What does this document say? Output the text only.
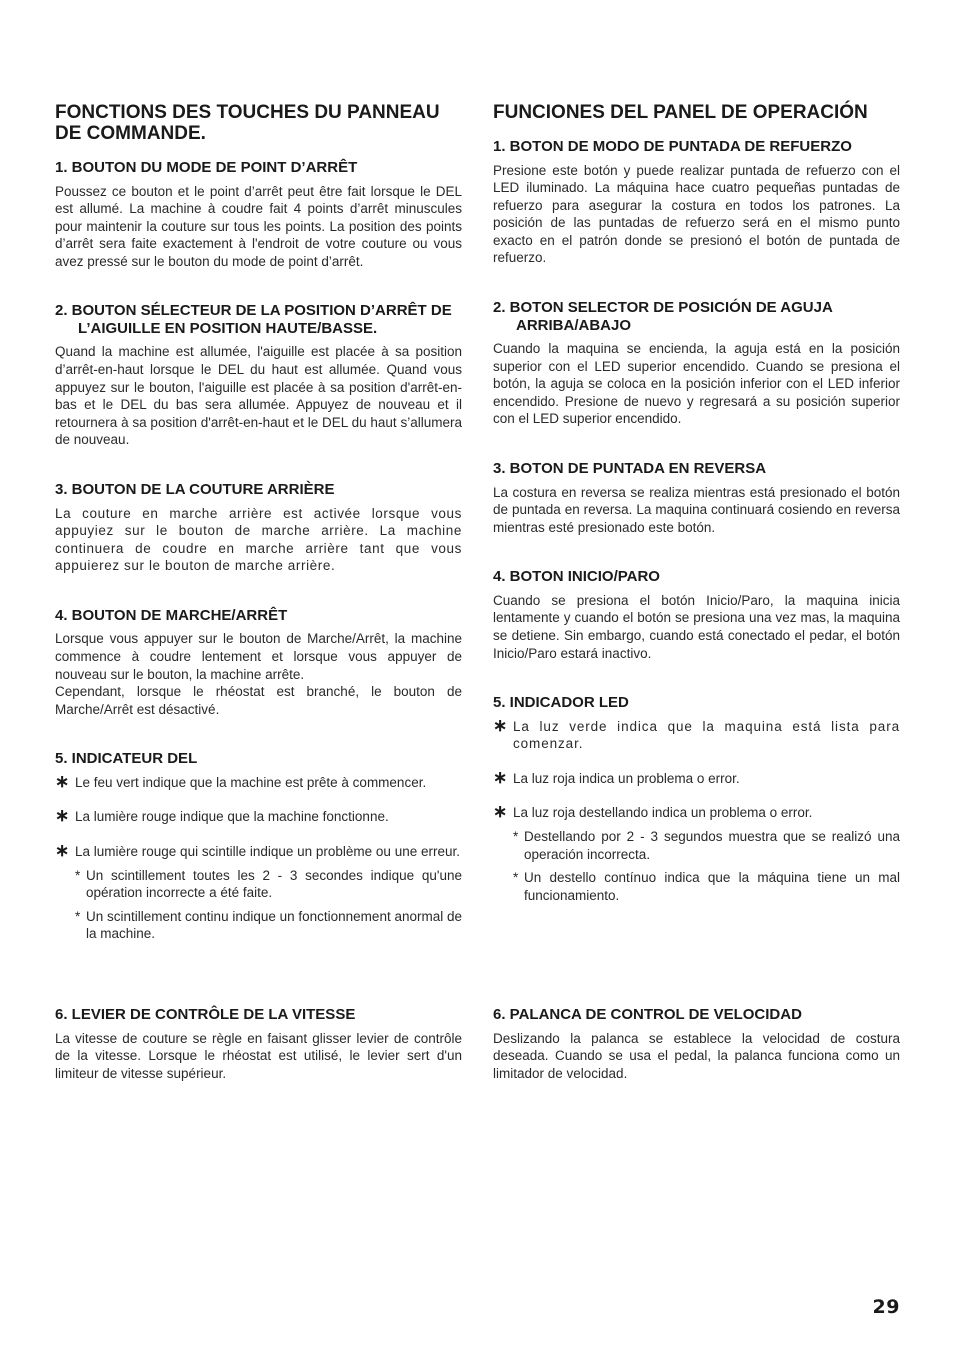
FONCTIONS DES TOUCHES DU PANNEAU DE COMMANDE.
1. BOUTON DU MODE DE POINT D’ARRÊT

Poussez ce bouton et le point d’arrêt peut être fait lorsque le DEL est allumé. La machine à coudre fait 4 points d’arrêt minuscules pour maintenir la couture sur tous les points. La position des points d’arrêt sera faite exactement à l'endroit de votre couture ou vous avez pressé sur le bouton du mode de point d’arrêt.

2. BOUTON SÉLECTEUR DE LA POSITION D’ARRÊT DE L’AIGUILLE EN POSITION HAUTE/BASSE.

Quand la machine est allumée, l'aiguille est placée à sa position d’arrêt-en-haut lorsque le DEL du haut est allumée. Quand vous appuyez sur le bouton, l'aiguille est placée à sa position d'arrêt-en-bas et le DEL du bas sera allumée. Appuyez de nouveau et il retournera à sa position d'arrêt-en-haut et le DEL du haut s’allumera de nouveau.

3. BOUTON DE LA COUTURE ARRIÈRE

La couture en marche arrière est activée lorsque vous appuyiez sur le bouton de marche arrière. La machine continuera de coudre en marche arrière tant que vous appuierez sur le bouton de marche arrière.

4. BOUTON DE MARCHE/ARRÊT

Lorsque vous appuyer sur le bouton de Marche/Arrêt, la machine commence à coudre lentement et lorsque vous appuyer de nouveau sur le bouton, la machine arrête.

Cependant, lorsque le rhéostat est branché, le bouton de Marche/Arrêt est désactivé.

5. INDICATEUR DEL
∗ Le feu vert indique que la machine est prête à commencer.
∗ La lumière rouge indique que la machine fonctionne.
∗ La lumière rouge qui scintille indique un problème ou une erreur.
* Un scintillement toutes les 2 - 3 secondes indique qu'une opération incorrecte a été faite.
* Un scintillement continu indique un fonctionnement anormal de la machine.
6. LEVIER DE CONTRÔLE DE LA VITESSE

La vitesse de couture se règle en faisant glisser levier de contrôle de la vitesse. Lorsque le rhéostat est utilisé, le levier sert d'un limiteur de vitesse supérieur.

FUNCIONES DEL PANEL DE OPERACIÓN
1. BOTON DE MODO DE PUNTADA DE REFUERZO

Presione este botón y puede realizar puntada de refuerzo con el LED iluminado. La máquina hace cuatro pequeñas puntadas de refuerzo para asegurar la costura en todos los patrones. La posición de las puntadas de refuerzo será en el mismo punto exacto en el patrón donde se presionó el botón de puntada de refuerzo.

2. BOTON SELECTOR DE POSICIÓN DE AGUJA ARRIBA/ABAJO

Cuando la maquina se encienda, la aguja está en la posición superior con el LED superior encendido. Cuando se presiona el botón, la aguja se coloca en la posición inferior con el LED inferior encendido. Presione de nuevo y regresará a su posición superior con el LED superior encendido.

3. BOTON DE PUNTADA EN REVERSA

La costura en reversa se realiza mientras está presionado el botón de puntada en reversa. La maquina continuará cosiendo en reversa mientras esté presionado este botón.

4. BOTON INICIO/PARO

Cuando se presiona el botón Inicio/Paro, la maquina inicia lentamente y cuando el botón se presiona una vez mas, la maquina se detiene. Sin embargo, cuando está conectado el pedar, el botón Inicio/Paro estará inactivo.

5. INDICADOR LED
∗ La luz verde indica que la maquina está lista para comenzar.
∗ La luz roja indica un problema o error.
∗ La luz roja destellando indica un problema o error.
* Destellando por 2 - 3 segundos muestra que se realizó una operación incorrecta.
* Un destello contínuo indica que la máquina tiene un mal funcionamiento.
6. PALANCA DE CONTROL DE VELOCIDAD

Deslizando la palanca se establece la velocidad de costura deseada. Cuando se usa el pedal, la palanca funciona como un limitador de velocidad.

29
